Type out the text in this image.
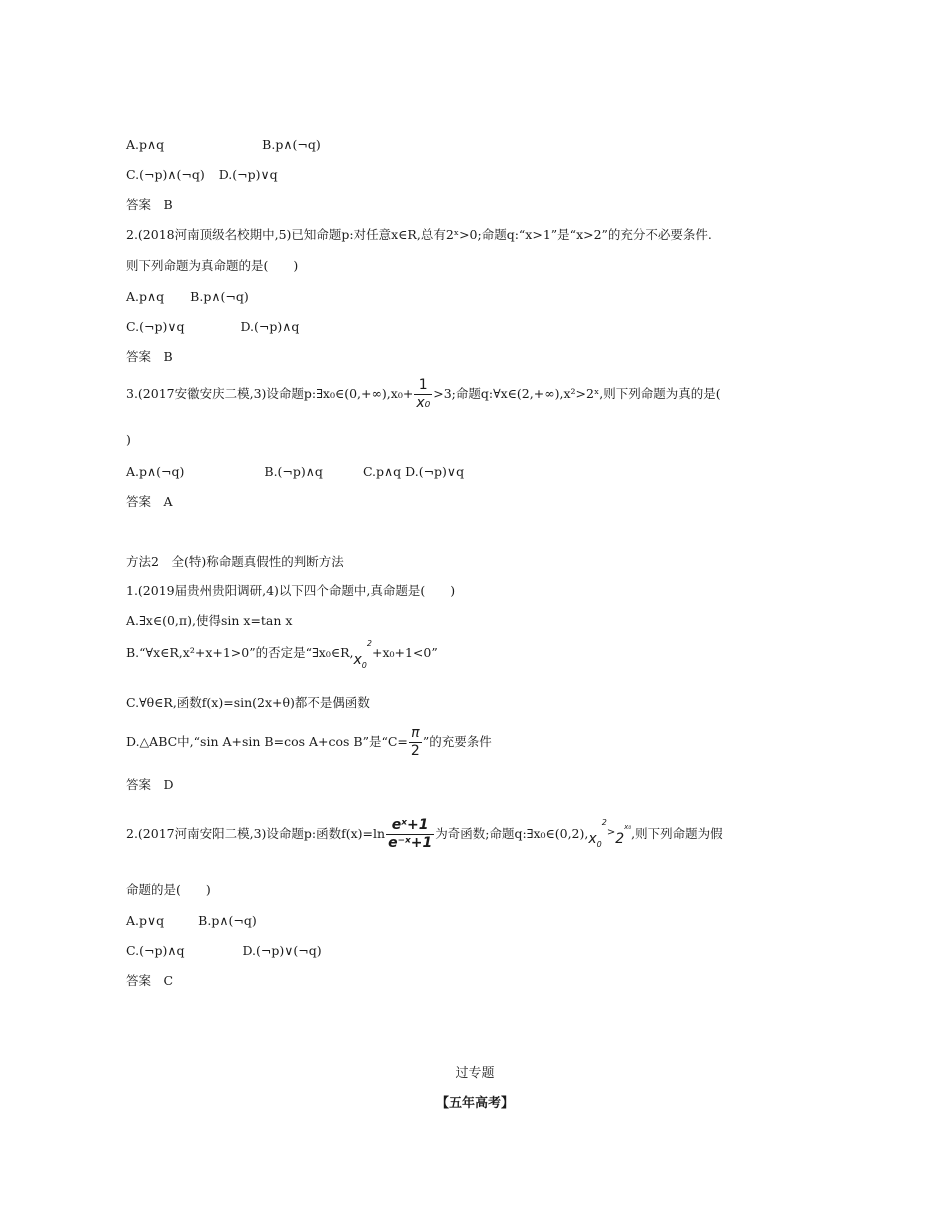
A.p∧q	B.p∧(¬q)
C.(¬p)∧(¬q) D.(¬p)∨q
答案　B
2.(2018河南顶级名校期中,5)已知命题p:对任意x∈R,总有2ˣ>0;命题q:“x>1”是“x>2”的充分不必要条件.
则下列命题为真命题的是(　　)
A.p∧q B.p∧(¬q)
C.(¬p)∨q	D.(¬p)∧q
答案　B
3.(2017安徽安庆二模,3)设命题p:∃x₀∈(0,+∞),x₀+ $\frac{1}{\text{x₀}} >3$;命题q:∀x∈(2,+∞),x²>2ˣ,则下列命题为真的是(
)
A.p∧(¬q)	B.(¬p)∧q	C.p∧q D.(¬p)∨q
答案　A
方法2　全(特)称命题真假性的判断方法
1.(2019届贵州贵阳调研,4)以下四个命题中,真命题是(　　)
A.∃x∈(0,π),使得sin x=tan x
B.“∀x∈R,x²+x+1>0”的否定是“$\exists x_0\in R,x_0^2+x_0+1<0$”
C.∀θ∈R,函数f(x)=sin(2x+θ)都不是偶函数
D.△ABC中,“sin A+sin B=cos A+cos B”是“$C= \frac{\pi}{2}$ ”的充要条件
答案　D
2.(2017河南安阳二模,3)设命题p:函数$f(x)=\ln \frac{\text{eˣ+1}}{\text{e⁻ˣ+1}}$ 为奇函数;命题$q:\exists x_0\in(0,2),x_0^2>2^{x_0}$,则下列命题为假
命题的是(　　)
A.p∨q	B.p∧(¬q)
C.(¬p)∧q	D.(¬p)∨(¬q)
答案　C
过专题
【五年高考】
